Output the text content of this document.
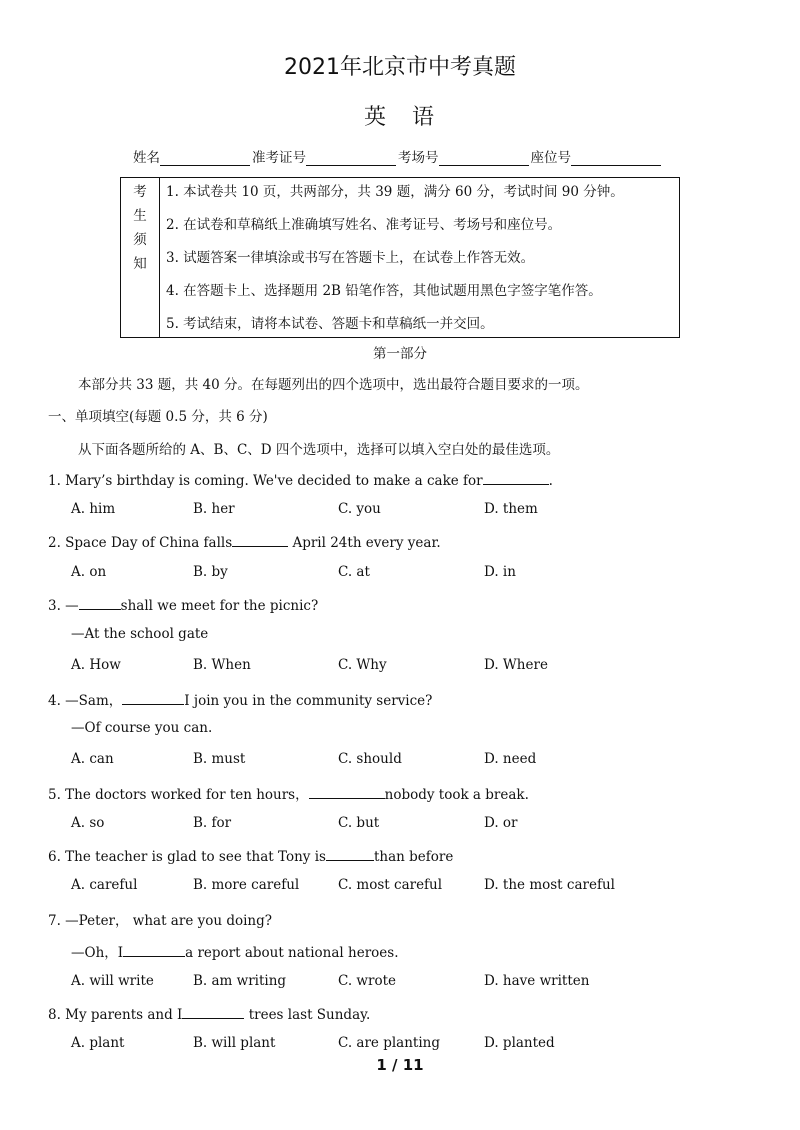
2021年北京市中考真题
英　语
姓名	准考证号	考场号	座位号
考
生
须
知
1. 本试卷共 10 页，共两部分，共 39 题，满分 60 分，考试时间 90 分钟。
2. 在试卷和草稿纸上准确填写姓名、准考证号、考场号和座位号。
3. 试题答案一律填涂或书写在答题卡上，在试卷上作答无效。
4. 在答题卡上、选择题用 2B 铅笔作答，其他试题用黑色字签字笔作答。
5. 考试结束，请将本试卷、答题卡和草稿纸一并交回。
第一部分
本部分共 33 题，共 40 分。在每题列出的四个选项中，选出最符合题目要求的一项。
一、单项填空(每题 0.5 分，共 6 分)
从下面各题所给的 A、B、C、D 四个选项中，选择可以填入空白处的最佳选项。
1. Mary’s birthday is coming. We've decided to make a cake for	.
A. him	B. her	C. you	D. them
2. Space Day of China falls	April 24th every year.
A. on	B. by	C. at	D. in
3. —	shall we meet for the picnic?
—At the school gate
A. How	B. When	C. Why	D. Where
4. —Sam，	I join you in the community service?
—Of course you can.
A. can	B. must	C. should	D. need
5. The doctors worked for ten hours，	nobody took a break.
A. so	B. for	C. but	D. or
6. The teacher is glad to see that Tony is	than before
A. careful	B. more careful	C. most careful	D. the most careful
7. —Peter， what are you doing?
—Oh，I	a report about national heroes.
A. will write	B. am writing	C. wrote	D. have written
8. My parents and I	trees last Sunday.
A. plant	B. will plant	C. are planting	D. planted
1 / 11
